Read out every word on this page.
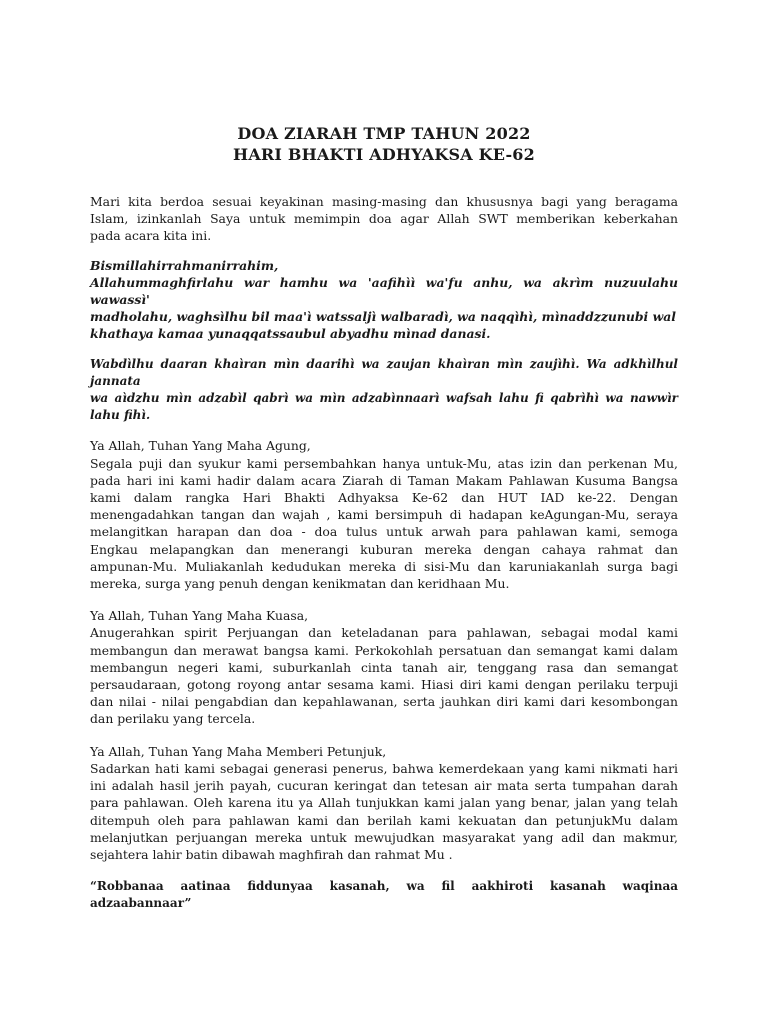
DOA ZIARAH TMP TAHUN 2022
HARI BHAKTI ADHYAKSA KE-62

Mari kita berdoa sesuai keyakinan masing-masing dan khususnya bagi yang beragama
Islam, izinkanlah Saya untuk memimpin doa agar Allah SWT memberikan keberkahan
pada acara kita ini.

Bismillahirrahmanirrahim,
Allahummaghfirlahu war hamhu wa 'aafihìì wa'fu anhu, wa akrìm nuzuulahu wawassì'
madholahu, waghsìlhu bil maa'ì watssaljì walbaradì, wa naqqìhì, mìnaddzzunubi wal
khathaya kamaa yunaqqatssaubul abyadhu mìnad danasi.

Wabdìlhu daaran khaìran mìn daarihì wa zaujan khaìran mìn zaujìhì. Wa adkhìlhul jannata
wa aìdzhu mìn adzabìl qabrì wa mìn adzabìnnaarì wafsah lahu fi qabrìhì wa nawwìr lahu fihì.

Ya Allah, Tuhan Yang Maha Agung,
Segala puji dan syukur kami persembahkan hanya untuk-Mu, atas izin dan perkenan Mu,
pada hari ini kami hadir dalam acara Ziarah di Taman Makam Pahlawan Kusuma Bangsa
kami dalam rangka Hari Bhakti Adhyaksa Ke-62 dan HUT IAD ke-22. Dengan
menengadahkan tangan dan wajah , kami bersimpuh di hadapan keAgungan-Mu, seraya
melangitkan harapan dan doa - doa tulus untuk arwah para pahlawan kami, semoga
Engkau melapangkan dan menerangi kuburan mereka dengan cahaya rahmat dan
ampunan-Mu. Muliakanlah kedudukan mereka di sisi-Mu dan karuniakanlah surga bagi
mereka, surga yang penuh dengan kenikmatan dan keridhaan Mu.

Ya Allah, Tuhan Yang Maha Kuasa,
Anugerahkan spirit Perjuangan dan keteladanan para pahlawan, sebagai modal kami
membangun dan merawat bangsa kami. Perkokohlah persatuan dan semangat kami dalam
membangun negeri kami, suburkanlah cinta tanah air, tenggang rasa dan semangat
persaudaraan, gotong royong antar sesama kami. Hiasi diri kami dengan perilaku terpuji
dan nilai - nilai pengabdian dan kepahlawanan, serta jauhkan diri kami dari kesombongan
dan perilaku yang tercela.

Ya Allah, Tuhan Yang Maha Memberi Petunjuk,
Sadarkan hati kami sebagai generasi penerus, bahwa kemerdekaan yang kami nikmati hari
ini adalah hasil jerih payah, cucuran keringat dan tetesan air mata serta tumpahan darah
para pahlawan. Oleh karena itu ya Allah tunjukkan kami jalan yang benar, jalan yang telah
ditempuh oleh para pahlawan kami dan berilah kami kekuatan dan petunjukMu dalam
melanjutkan perjuangan mereka untuk mewujudkan masyarakat yang adil dan makmur,
sejahtera lahir batin dibawah maghfirah dan rahmat Mu .

“Robbanaa aatinaa fiddunyaa kasanah, wa fil aakhiroti kasanah waqinaa adzaabannaar”
